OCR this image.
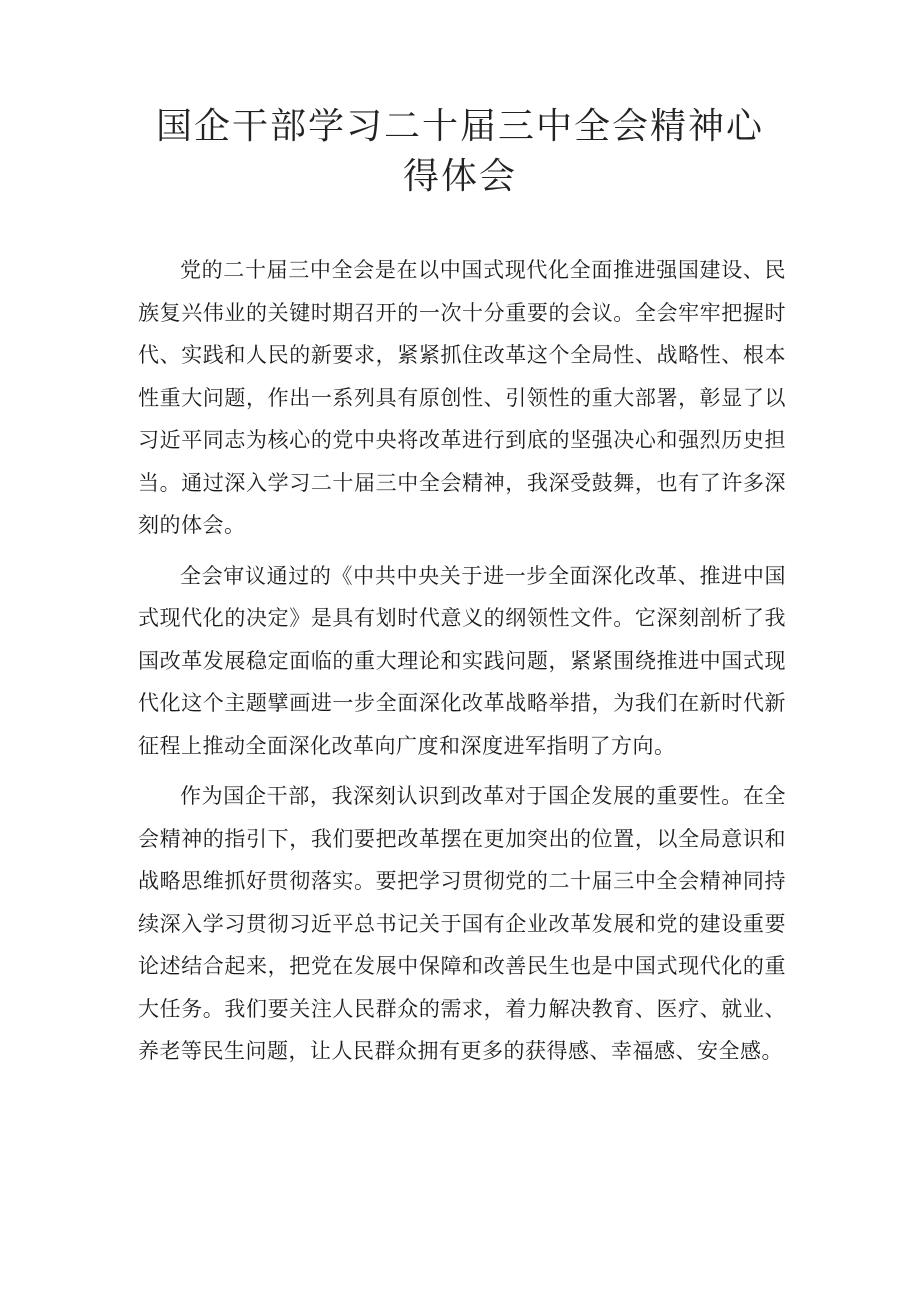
国企干部学习二十届三中全会精神心得体会

党的二十届三中全会是在以中国式现代化全面推进强国建设、民族复兴伟业的关键时期召开的一次十分重要的会议。全会牢牢把握时代、实践和人民的新要求，紧紧抓住改革这个全局性、战略性、根本性重大问题，作出一系列具有原创性、引领性的重大部署，彰显了以习近平同志为核心的党中央将改革进行到底的坚强决心和强烈历史担当。通过深入学习二十届三中全会精神，我深受鼓舞，也有了许多深刻的体会。

全会审议通过的《中共中央关于进一步全面深化改革、推进中国式现代化的决定》是具有划时代意义的纲领性文件。它深刻剖析了我国改革发展稳定面临的重大理论和实践问题，紧紧围绕推进中国式现代化这个主题擘画进一步全面深化改革战略举措，为我们在新时代新征程上推动全面深化改革向广度和深度进军指明了方向。

作为国企干部，我深刻认识到改革对于国企发展的重要性。在全会精神的指引下，我们要把改革摆在更加突出的位置，以全局意识和战略思维抓好贯彻落实。要把学习贯彻党的二十届三中全会精神同持续深入学习贯彻习近平总书记关于国有企业改革发展和党的建设重要论述结合起来，把党在发展中保障和改善民生也是中国式现代化的重大任务。我们要关注人民群众的需求，着力解决教育、医疗、就业、养老等民生问题，让人民群众拥有更多的获得感、幸福感、安全感。
